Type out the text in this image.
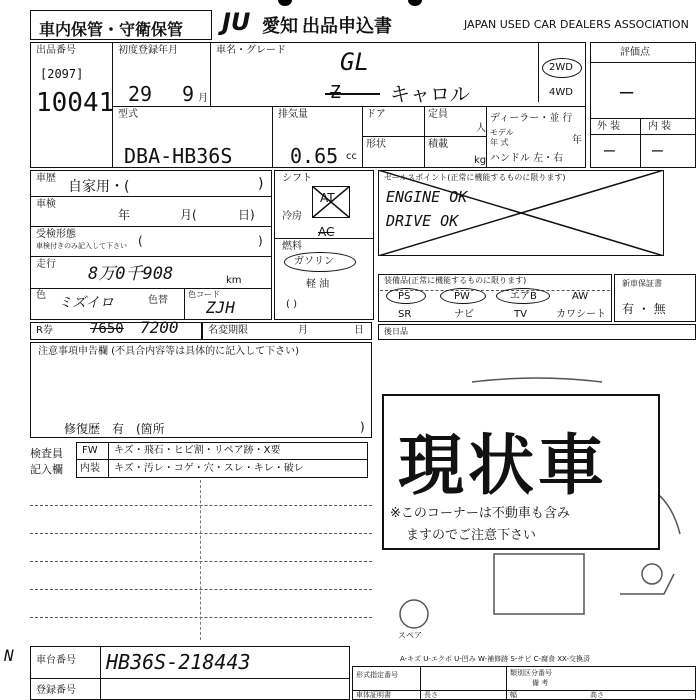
車内保管・守衛保管 JU 愛知 出品申込書	JAPAN USED CAR DEALERS ASSOCIATION
出品番号
[2097]
10041
初度登録年月
29 9 月
車名・グレード GL
Z キャロル
2WD
4WD
評価点
—
外 装	内 装
— —
型式
DBA-HB36S
排気量
0.65 cc
ドア	定員
人
形状	積載
kg
ディーラー・並 行
モデル
年 式	年
ハンドル 左・右
車歴
自家用・(	)
車検
年	月(	日)
受検形態
車検付きのみ記入して下さい (	)
走行 8万0千908	km
色 ミズイロ	色替
色コード
ZJH
シフト
AT
冷房
AC
燃料
ガソリン
軽 油
( )
セールスポイント(正常に機能するものに限ります)
ENGINE OK
DRIVE OK
装備品(正常に機能するものに限ります)
PS	PW	エアB	AW
SR	ナビ	TV	カワシート
新車保証書
有 ・ 無
R券	7650 7200	名変期限	月	日	後日品
注意事項申告欄 (不具合内容等は具体的に記入して下さい)
修復歴 有 (箇所	)
スペア
現状車
※このコーナーは不動車も含み
ますのでご注意下さい
検査員
記入欄
FW キズ・飛石・ヒビ割・リペア跡・X要
内装 キズ・汚レ・コゲ・穴・スレ・キレ・破レ
N 車台番号 HB36S-218443
登録番号
A-キズ U-エクボ U-凹み W-補修跡 S-サビ C-腐食 XX-交換済
形式指定番号	類別区分番号
備 考
車体証明書	長さ	幅	高さ
